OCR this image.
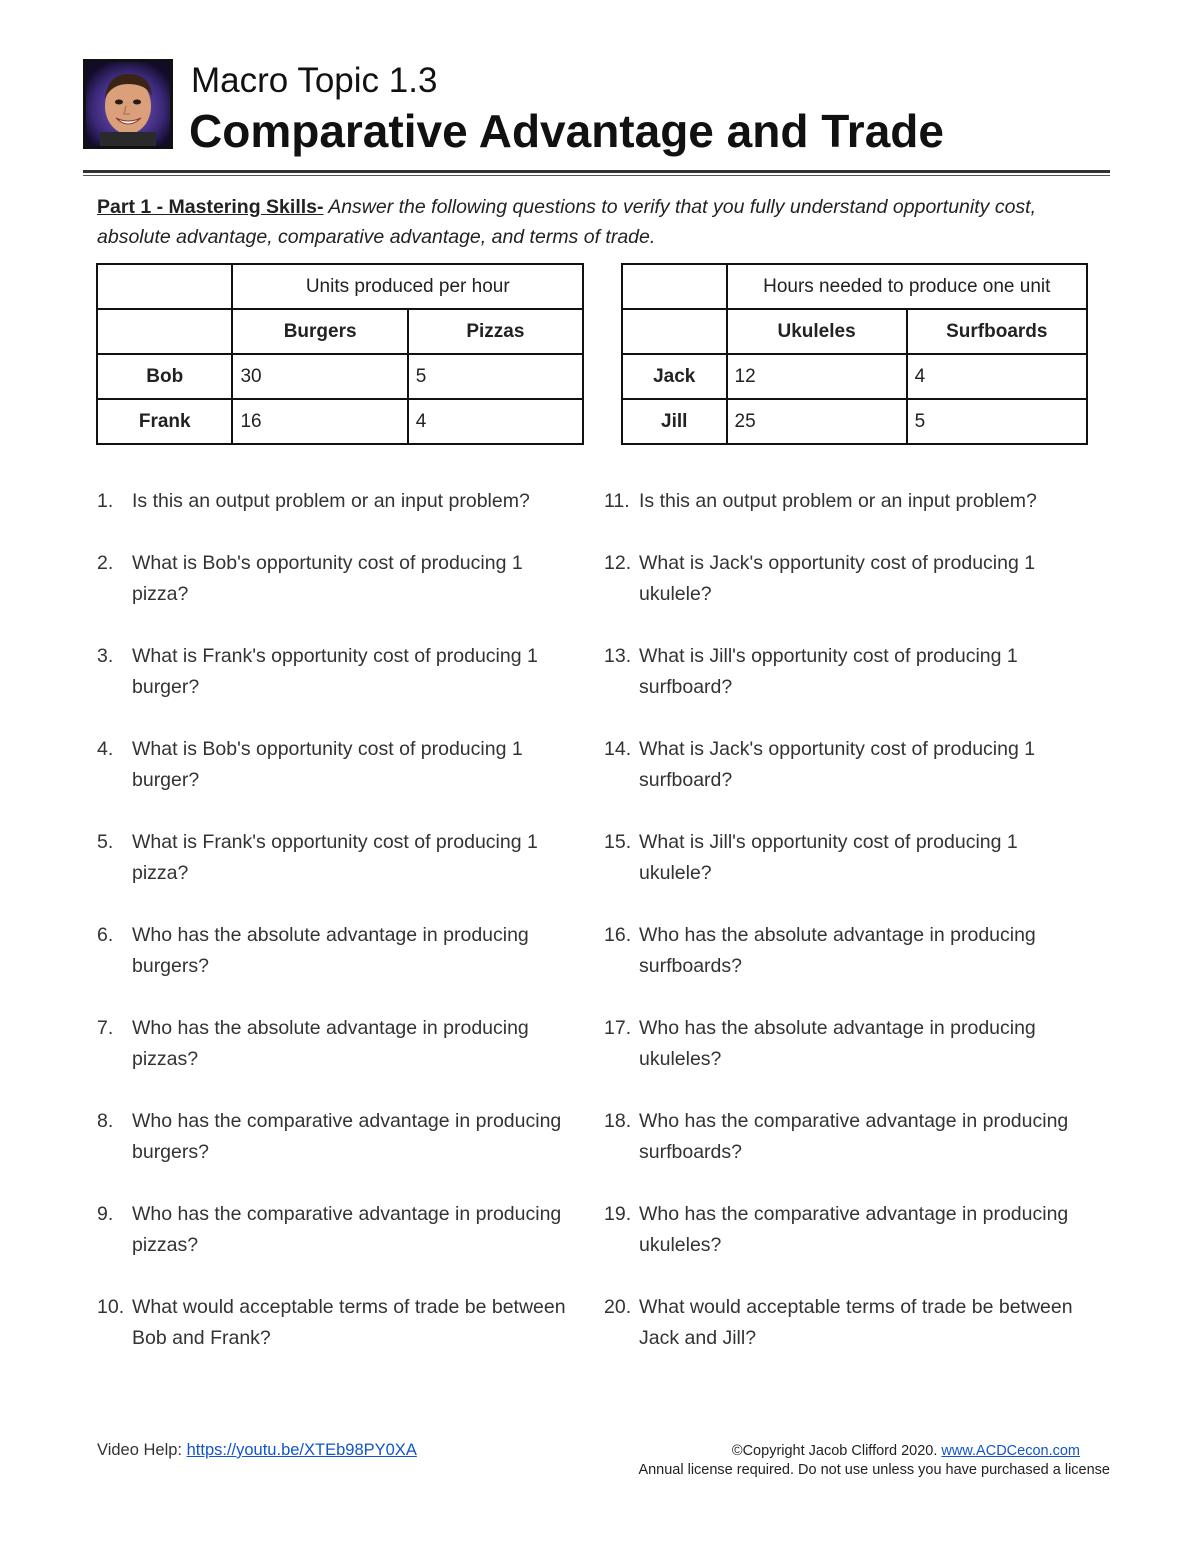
Macro Topic 1.3
Comparative Advantage and Trade
Part 1 - Mastering Skills- Answer the following questions to verify that you fully understand opportunity cost, absolute advantage, comparative advantage, and terms of trade.
	Units produced per hour	
	Burgers	Pizzas
Bob	30	5
Frank	16	4
	Hours needed to produce one unit	
	Ukuleles	Surfboards
Jack	12	4
Jill	25	5
1. Is this an output problem or an input problem?
2. What is Bob's opportunity cost of producing 1 pizza?
3. What is Frank's opportunity cost of producing 1 burger?
4. What is Bob's opportunity cost of producing 1 burger?
5. What is Frank's opportunity cost of producing 1 pizza?
6. Who has the absolute advantage in producing burgers?
7. Who has the absolute advantage in producing pizzas?
8. Who has the comparative advantage in producing burgers?
9. Who has the comparative advantage in producing pizzas?
10. What would acceptable terms of trade be between Bob and Frank?
11. Is this an output problem or an input problem?
12. What is Jack's opportunity cost of producing 1 ukulele?
13. What is Jill's opportunity cost of producing 1 surfboard?
14. What is Jack's opportunity cost of producing 1 surfboard?
15. What is Jill's opportunity cost of producing 1 ukulele?
16. Who has the absolute advantage in producing surfboards?
17. Who has the absolute advantage in producing ukuleles?
18. Who has the comparative advantage in producing surfboards?
19. Who has the comparative advantage in producing ukuleles?
20. What would acceptable terms of trade be between Jack and Jill?
Video Help: https://youtu.be/XTEb98PY0XA	©Copyright Jacob Clifford 2020. www.ACDCecon.com
Annual license required. Do not use unless you have purchased a license
